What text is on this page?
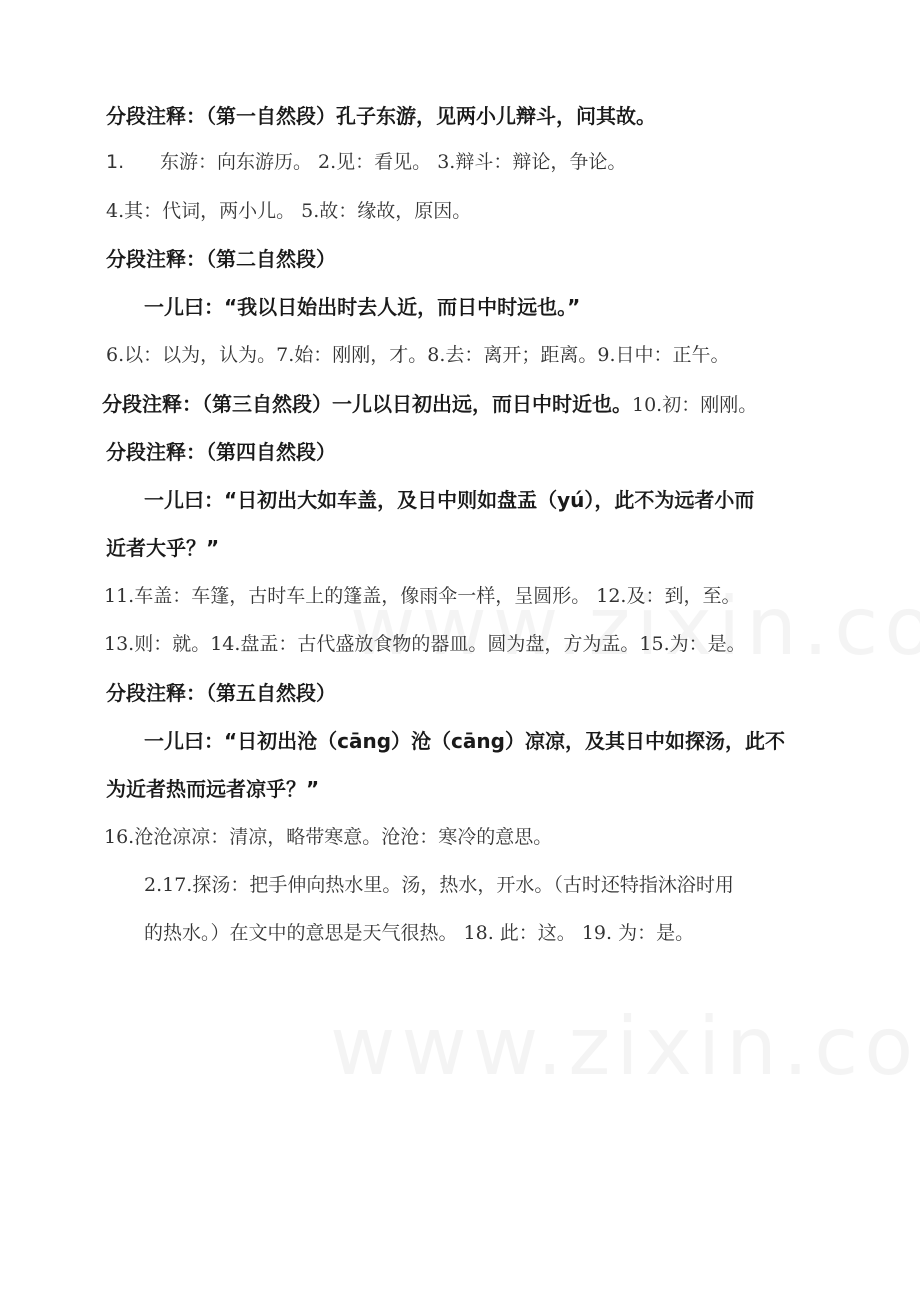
分段注释：（第一自然段）孔子东游，见两小儿辩斗，问其故。
1. 东游：向东游历。 2.见：看见。 3.辩斗：辩论，争论。
4.其：代词，两小儿。 5.故：缘故，原因。
分段注释：（第二自然段）
一儿曰：“我以日始出时去人近，而日中时远也。”
6.以：以为，认为。7.始：刚刚，才。8.去：离开；距离。9.日中：正午。
分段注释：（第三自然段）一儿以日初出远，而日中时近也。10.初：刚刚。
分段注释：（第四自然段）
一儿曰：“日初出大如车盖，及日中则如盘盂（yú），此不为远者小而
近者大乎？”
11.车盖：车篷，古时车上的篷盖，像雨伞一样，呈圆形。 12.及：到，至。
13.则：就。14.盘盂：古代盛放食物的器皿。圆为盘，方为盂。15.为：是。
分段注释：（第五自然段）
一儿曰：“日初出沧（cāng）沧（cāng）凉凉，及其日中如探汤，此不
为近者热而远者凉乎？”
16.沧沧凉凉：清凉，略带寒意。沧沧：寒冷的意思。
2.17.探汤：把手伸向热水里。汤，热水，开水。（古时还特指沐浴时用
的热水。）在文中的意思是天气很热。 18. 此：这。 19. 为：是。
